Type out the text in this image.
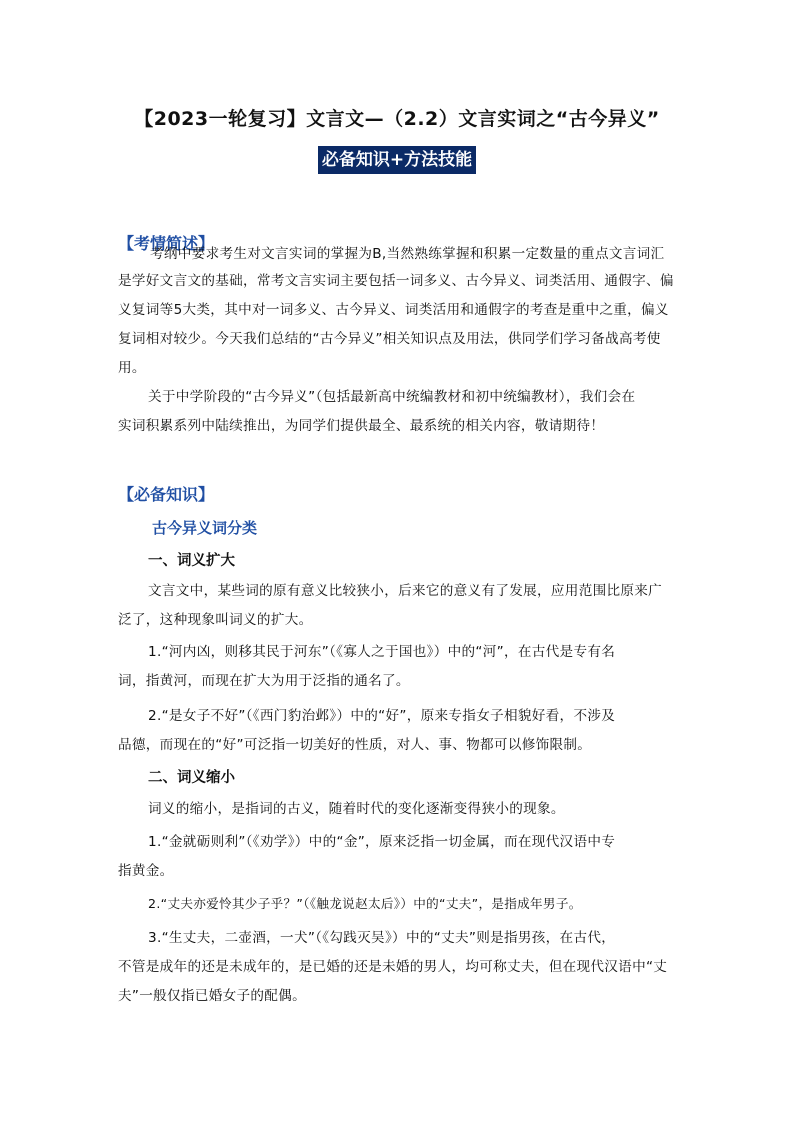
【2023一轮复习】文言文—（2.2）文言实词之“古今异义”
必备知识+方法技能
【考情简述】
考纲中要求考生对文言实词的掌握为B,当然熟练掌握和积累一定数量的重点文言词汇
是学好文言文的基础，常考文言实词主要包括一词多义、古今异义、词类活用、通假字、偏
义复词等5大类，其中对一词多义、古今异义、词类活用和通假字的考查是重中之重，偏义
复词相对较少。今天我们总结的“古今异义”相关知识点及用法，供同学们学习备战高考使
用。
关于中学阶段的“古今异义”（包括最新高中统编教材和初中统编教材），我们会在
实词积累系列中陆续推出，为同学们提供最全、最系统的相关内容，敬请期待！
【必备知识】
古今异义词分类
一、词义扩大
文言文中，某些词的原有意义比较狭小，后来它的意义有了发展，应用范围比原来广
泛了，这种现象叫词义的扩大。
1.“河内凶，则移其民于河东”（《寡人之于国也》）中的“河”，在古代是专有名
词，指黄河，而现在扩大为用于泛指的通名了。
2.“是女子不好”（《西门豹治邺》）中的“好”，原来专指女子相貌好看，不涉及
品德，而现在的“好”可泛指一切美好的性质，对人、事、物都可以修饰限制。
二、词义缩小
词义的缩小，是指词的古义，随着时代的变化逐渐变得狭小的现象。
1.“金就砺则利”（《劝学》）中的“金”，原来泛指一切金属，而在现代汉语中专
指黄金。
2.“丈夫亦爱怜其少子乎？”（《触龙说赵太后》）中的“丈夫”，是指成年男子。
3.“生丈夫，二壶酒，一犬”（《勾践灭吴》）中的“丈夫”则是指男孩，在古代，
不管是成年的还是未成年的，是已婚的还是未婚的男人，均可称丈夫，但在现代汉语中“丈
夫”一般仅指已婚女子的配偶。
